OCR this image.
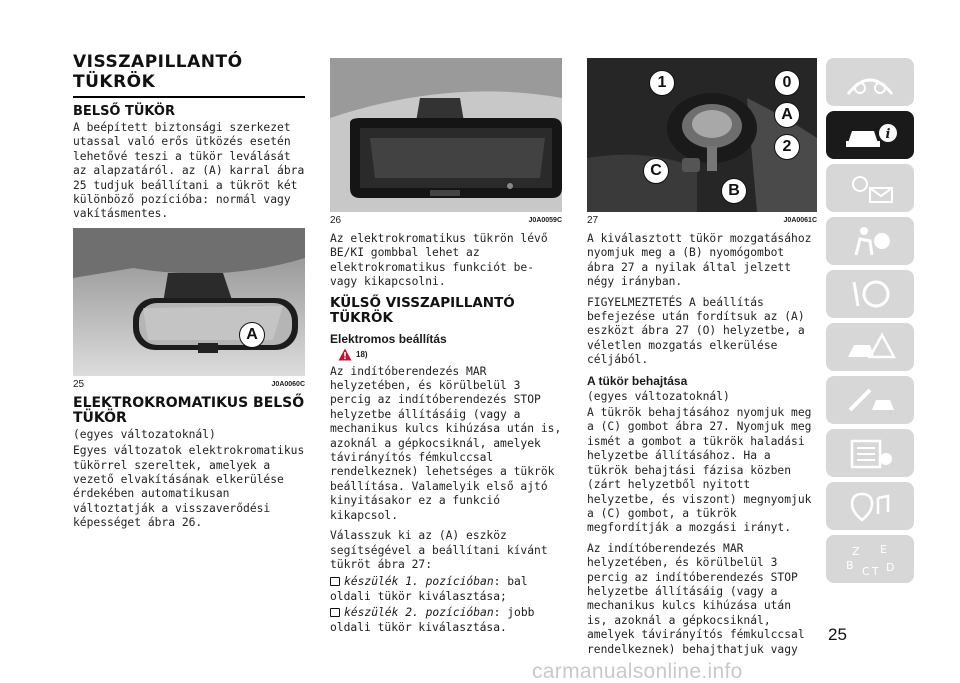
VISSZAPILLANTÓ TÜKRÖK
BELSŐ TÜKÖR

A beépített biztonsági szerkezet utassal való erős ütközés esetén lehetővé teszi a tükör leválását az alapzatáról. az (A) karral ábra 25 tudjuk beállítani a tükröt két különböző pozícióba: normál vagy vakításmentes.

A
25	J0A0060C
ELEKTROKROMATIKUS BELSŐ TÜKÖR

(egyes változatoknál)

Egyes változatok elektrokromatikus tükörrel szereltek, amelyek a vezető elvakításának elkerülése érdekében automatikusan változtatják a visszaverődési képességet ábra 26.

26	J0A0059C

Az elektrokromatikus tükrön lévő BE/KI gombbal lehet az elektrokromatikus funkciót be- vagy kikapcsolni.

KÜLSŐ VISSZAPILLANTÓ TÜKRÖK
Elektromos beállítás
18)

Az indítóberendezés MAR helyzetében, és körülbelül 3 percig az indítóberendezés STOP helyzetbe állításáig (vagy a mechanikus kulcs kihúzása után is, azoknál a gépkocsiknál, amelyek távirányítós fémkulccsal rendelkeznek) lehetséges a tükrök beállítása. Valamelyik első ajtó kinyitásakor ez a funkció kikapcsol.

Válasszuk ki az (A) eszköz segítségével a beállítani kívánt tükröt ábra 27:

készülék 1. pozícióban: bal oldali tükör kiválasztása;
készülék 2. pozícióban: jobb oldali tükör kiválasztása.
1	0
A
2
C
B
27	J0A0061C

A kiválasztott tükör mozgatásához nyomjuk meg a (B) nyomógombot ábra 27 a nyilak által jelzett négy irányban.

FIGYELMEZTETÉS A beállítás befejezése után fordítsuk az (A) eszközt ábra 27 (O) helyzetbe, a véletlen mozgatás elkerülése céljából.

A tükör behajtása

(egyes változatoknál)

A tükrök behajtásához nyomjuk meg a (C) gombot ábra 27. Nyomjuk meg ismét a gombot a tükrök haladási helyzetbe állításához. Ha a tükrök behajtási fázisa közben (zárt helyzetből nyitott helyzetbe, és viszont) megnyomjuk a (C) gombot, a tükrök megfordítják a mozgási irányt.

Az indítóberendezés MAR helyzetében, és körülbelül 3 percig az indítóberendezés STOP helyzetbe állításáig (vagy a mechanikus kulcs kihúzása után is, azoknál a gépkocsiknál, amelyek távirányítós fémkulccsal rendelkeznek) behajthatjuk vagy

i
Z E
B C T D
25
carmanualsonline.info
